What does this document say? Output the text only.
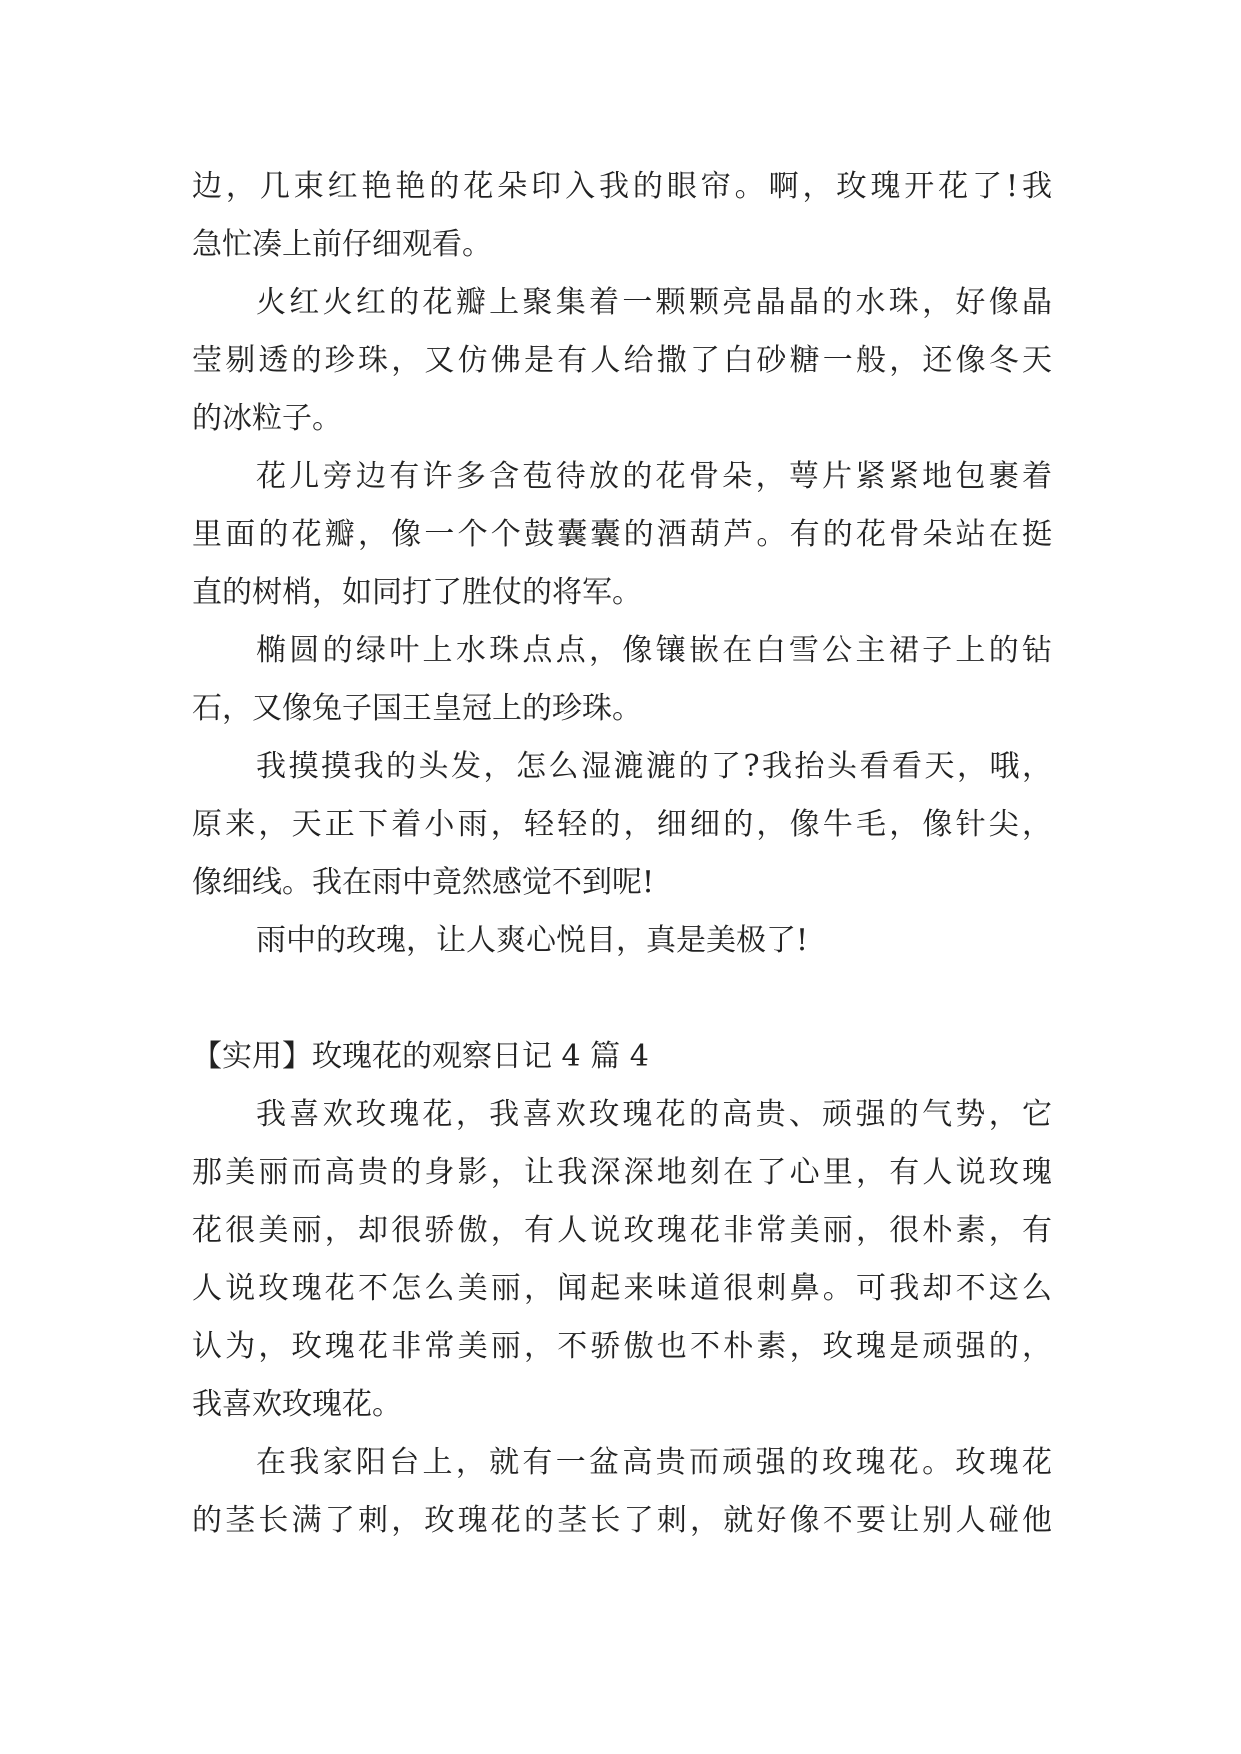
边，几束红艳艳的花朵印入我的眼帘。啊，玫瑰开花了!我
急忙凑上前仔细观看。
火红火红的花瓣上聚集着一颗颗亮晶晶的水珠，好像晶
莹剔透的珍珠，又仿佛是有人给撒了白砂糖一般，还像冬天
的冰粒子。
花儿旁边有许多含苞待放的花骨朵，萼片紧紧地包裹着
里面的花瓣，像一个个鼓囊囊的酒葫芦。有的花骨朵站在挺
直的树梢，如同打了胜仗的将军。
椭圆的绿叶上水珠点点，像镶嵌在白雪公主裙子上的钻
石，又像兔子国王皇冠上的珍珠。
我摸摸我的头发，怎么湿漉漉的了?我抬头看看天，哦，
原来，天正下着小雨，轻轻的，细细的，像牛毛，像针尖，
像细线。我在雨中竟然感觉不到呢!
雨中的玫瑰，让人爽心悦目，真是美极了!
【实用】玫瑰花的观察日记 4 篇 4
我喜欢玫瑰花，我喜欢玫瑰花的高贵、顽强的气势，它
那美丽而高贵的身影，让我深深地刻在了心里，有人说玫瑰
花很美丽，却很骄傲，有人说玫瑰花非常美丽，很朴素，有
人说玫瑰花不怎么美丽，闻起来味道很刺鼻。可我却不这么
认为，玫瑰花非常美丽，不骄傲也不朴素，玫瑰是顽强的，
我喜欢玫瑰花。
在我家阳台上，就有一盆高贵而顽强的玫瑰花。玫瑰花
的茎长满了刺，玫瑰花的茎长了刺，就好像不要让别人碰他
